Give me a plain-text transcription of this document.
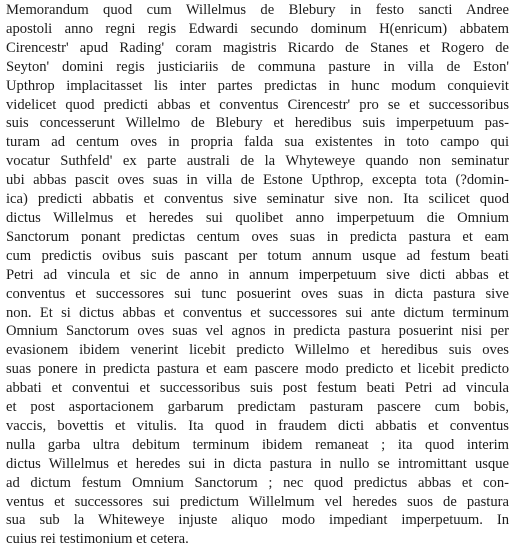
Memorandum quod cum Willelmus de Blebury in festo sancti Andree
apostoli anno regni regis Edwardi secundo dominum H(enricum) abbatem
Cirencestr' apud Rading' coram magistris Ricardo de Stanes et Rogero de
Seyton' domini regis justiciariis de communa pasture in villa de Eston'
Upthrop implacitasset lis inter partes predictas in hunc modum conquievit
videlicet quod predicti abbas et conventus Cirencestr' pro se et successoribus
suis concesserunt Willelmo de Blebury et heredibus suis imperpetuum pas-
turam ad centum oves in propria falda sua existentes in toto campo qui
vocatur Suthfeld' ex parte australi de la Whyteweye quando non seminatur
ubi abbas pascit oves suas in villa de Estone Upthrop, excepta tota (?domin-
ica) predicti abbatis et conventus sive seminatur sive non. Ita scilicet quod
dictus Willelmus et heredes sui quolibet anno imperpetuum die Omnium
Sanctorum ponant predictas centum oves suas in predicta pastura et eam
cum predictis ovibus suis pascant per totum annum usque ad festum beati
Petri ad vincula et sic de anno in annum imperpetuum sive dicti abbas et
conventus et successores sui tunc posuerint oves suas in dicta pastura sive
non. Et si dictus abbas et conventus et successores sui ante dictum terminum
Omnium Sanctorum oves suas vel agnos in predicta pastura posuerint nisi per
evasionem ibidem venerint licebit predicto Willelmo et heredibus suis oves
suas ponere in predicta pastura et eam pascere modo predicto et licebit predicto
abbati et conventui et successoribus suis post festum beati Petri ad vincula
et post asportacionem garbarum predictam pasturam pascere cum bobis,
vaccis, bovettis et vitulis. Ita quod in fraudem dicti abbatis et conventus
nulla garba ultra debitum terminum ibidem remaneat ; ita quod interim
dictus Willelmus et heredes sui in dicta pastura in nullo se intromittant usque
ad dictum festum Omnium Sanctorum ; nec quod predictus abbas et con-
ventus et successores sui predictum Willelmum vel heredes suos de pastura
sua sub la Whiteweye injuste aliquo modo impediant imperpetuum. In
cuius rei testimonium et cetera.
